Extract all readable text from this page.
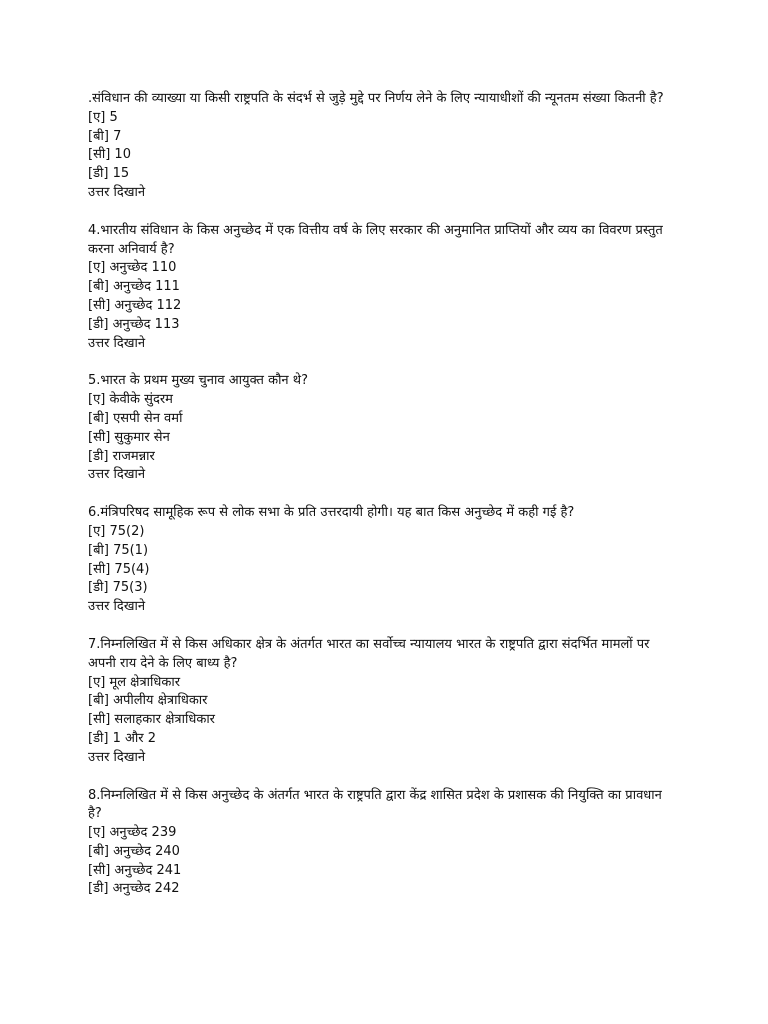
.संविधान की व्याख्या या किसी राष्ट्रपति के संदर्भ से जुड़े मुद्दे पर निर्णय लेने के लिए न्यायाधीशों की न्यूनतम संख्या कितनी है?
[ए] 5
[बी] 7
[सी] 10
[डी] 15
उत्तर दिखाने
4.भारतीय संविधान के किस अनुच्छेद में एक वित्तीय वर्ष के लिए सरकार की अनुमानित प्राप्तियों और व्यय का विवरण प्रस्तुत करना अनिवार्य है?
[ए] अनुच्छेद 110
[बी] अनुच्छेद 111
[सी] अनुच्छेद 112
[डी] अनुच्छेद 113
उत्तर दिखाने
5.भारत के प्रथम मुख्य चुनाव आयुक्त कौन थे?
[ए] केवीके सुंदरम
[बी] एसपी सेन वर्मा
[सी] सुकुमार सेन
[डी] राजमन्नार
उत्तर दिखाने
6.मंत्रिपरिषद सामूहिक रूप से लोक सभा के प्रति उत्तरदायी होगी। यह बात किस अनुच्छेद में कही गई है?
[ए] 75(2)
[बी] 75(1)
[सी] 75(4)
[डी] 75(3)
उत्तर दिखाने
7.निम्नलिखित में से किस अधिकार क्षेत्र के अंतर्गत भारत का सर्वोच्च न्यायालय भारत के राष्ट्रपति द्वारा संदर्भित मामलों पर अपनी राय देने के लिए बाध्य है?
[ए] मूल क्षेत्राधिकार
[बी] अपीलीय क्षेत्राधिकार
[सी] सलाहकार क्षेत्राधिकार
[डी] 1 और 2
उत्तर दिखाने
8.निम्नलिखित में से किस अनुच्छेद के अंतर्गत भारत के राष्ट्रपति द्वारा केंद्र शासित प्रदेश के प्रशासक की नियुक्ति का प्रावधान है?
[ए] अनुच्छेद 239
[बी] अनुच्छेद 240
[सी] अनुच्छेद 241
[डी] अनुच्छेद 242
